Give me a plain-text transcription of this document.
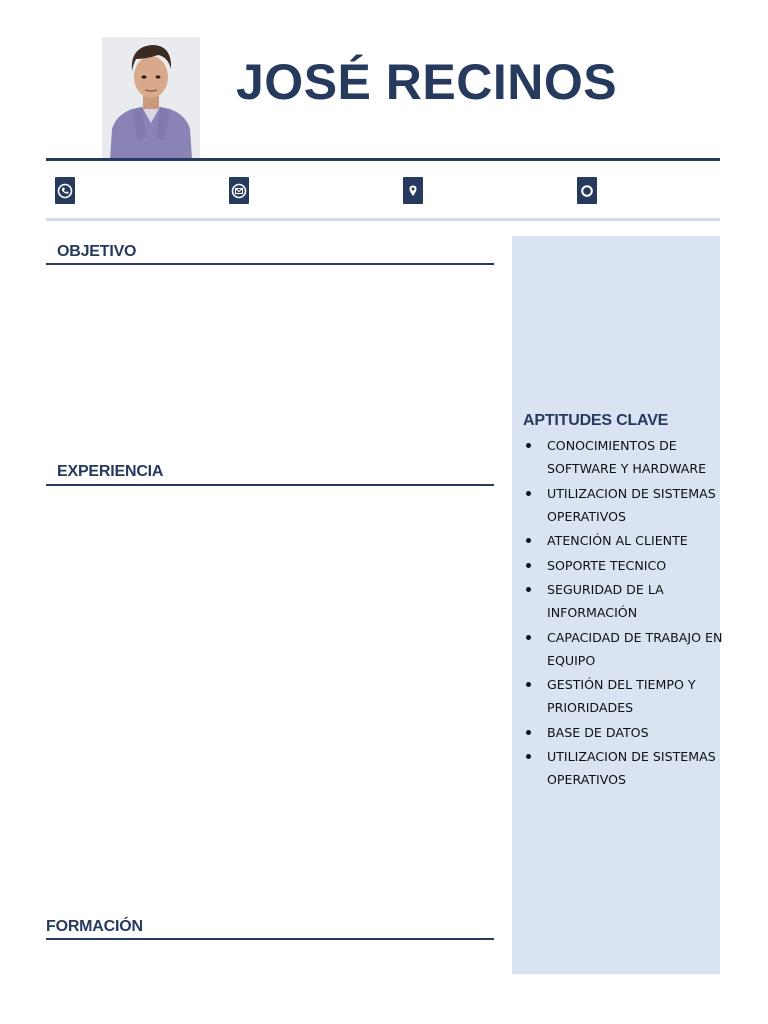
JOSÉ RECINOS
OBJETIVO
EXPERIENCIA
FORMACIÓN
APTITUDES CLAVE
CONOCIMIENTOS DE SOFTWARE Y HARDWARE
UTILIZACION DE SISTEMAS OPERATIVOS
ATENCIÓN AL CLIENTE
SOPORTE TECNICO
SEGURIDAD DE LA INFORMACIÓN
CAPACIDAD DE TRABAJO EN EQUIPO
GESTIÓN DEL TIEMPO Y PRIORIDADES
BASE DE DATOS
UTILIZACION DE SISTEMAS OPERATIVOS
